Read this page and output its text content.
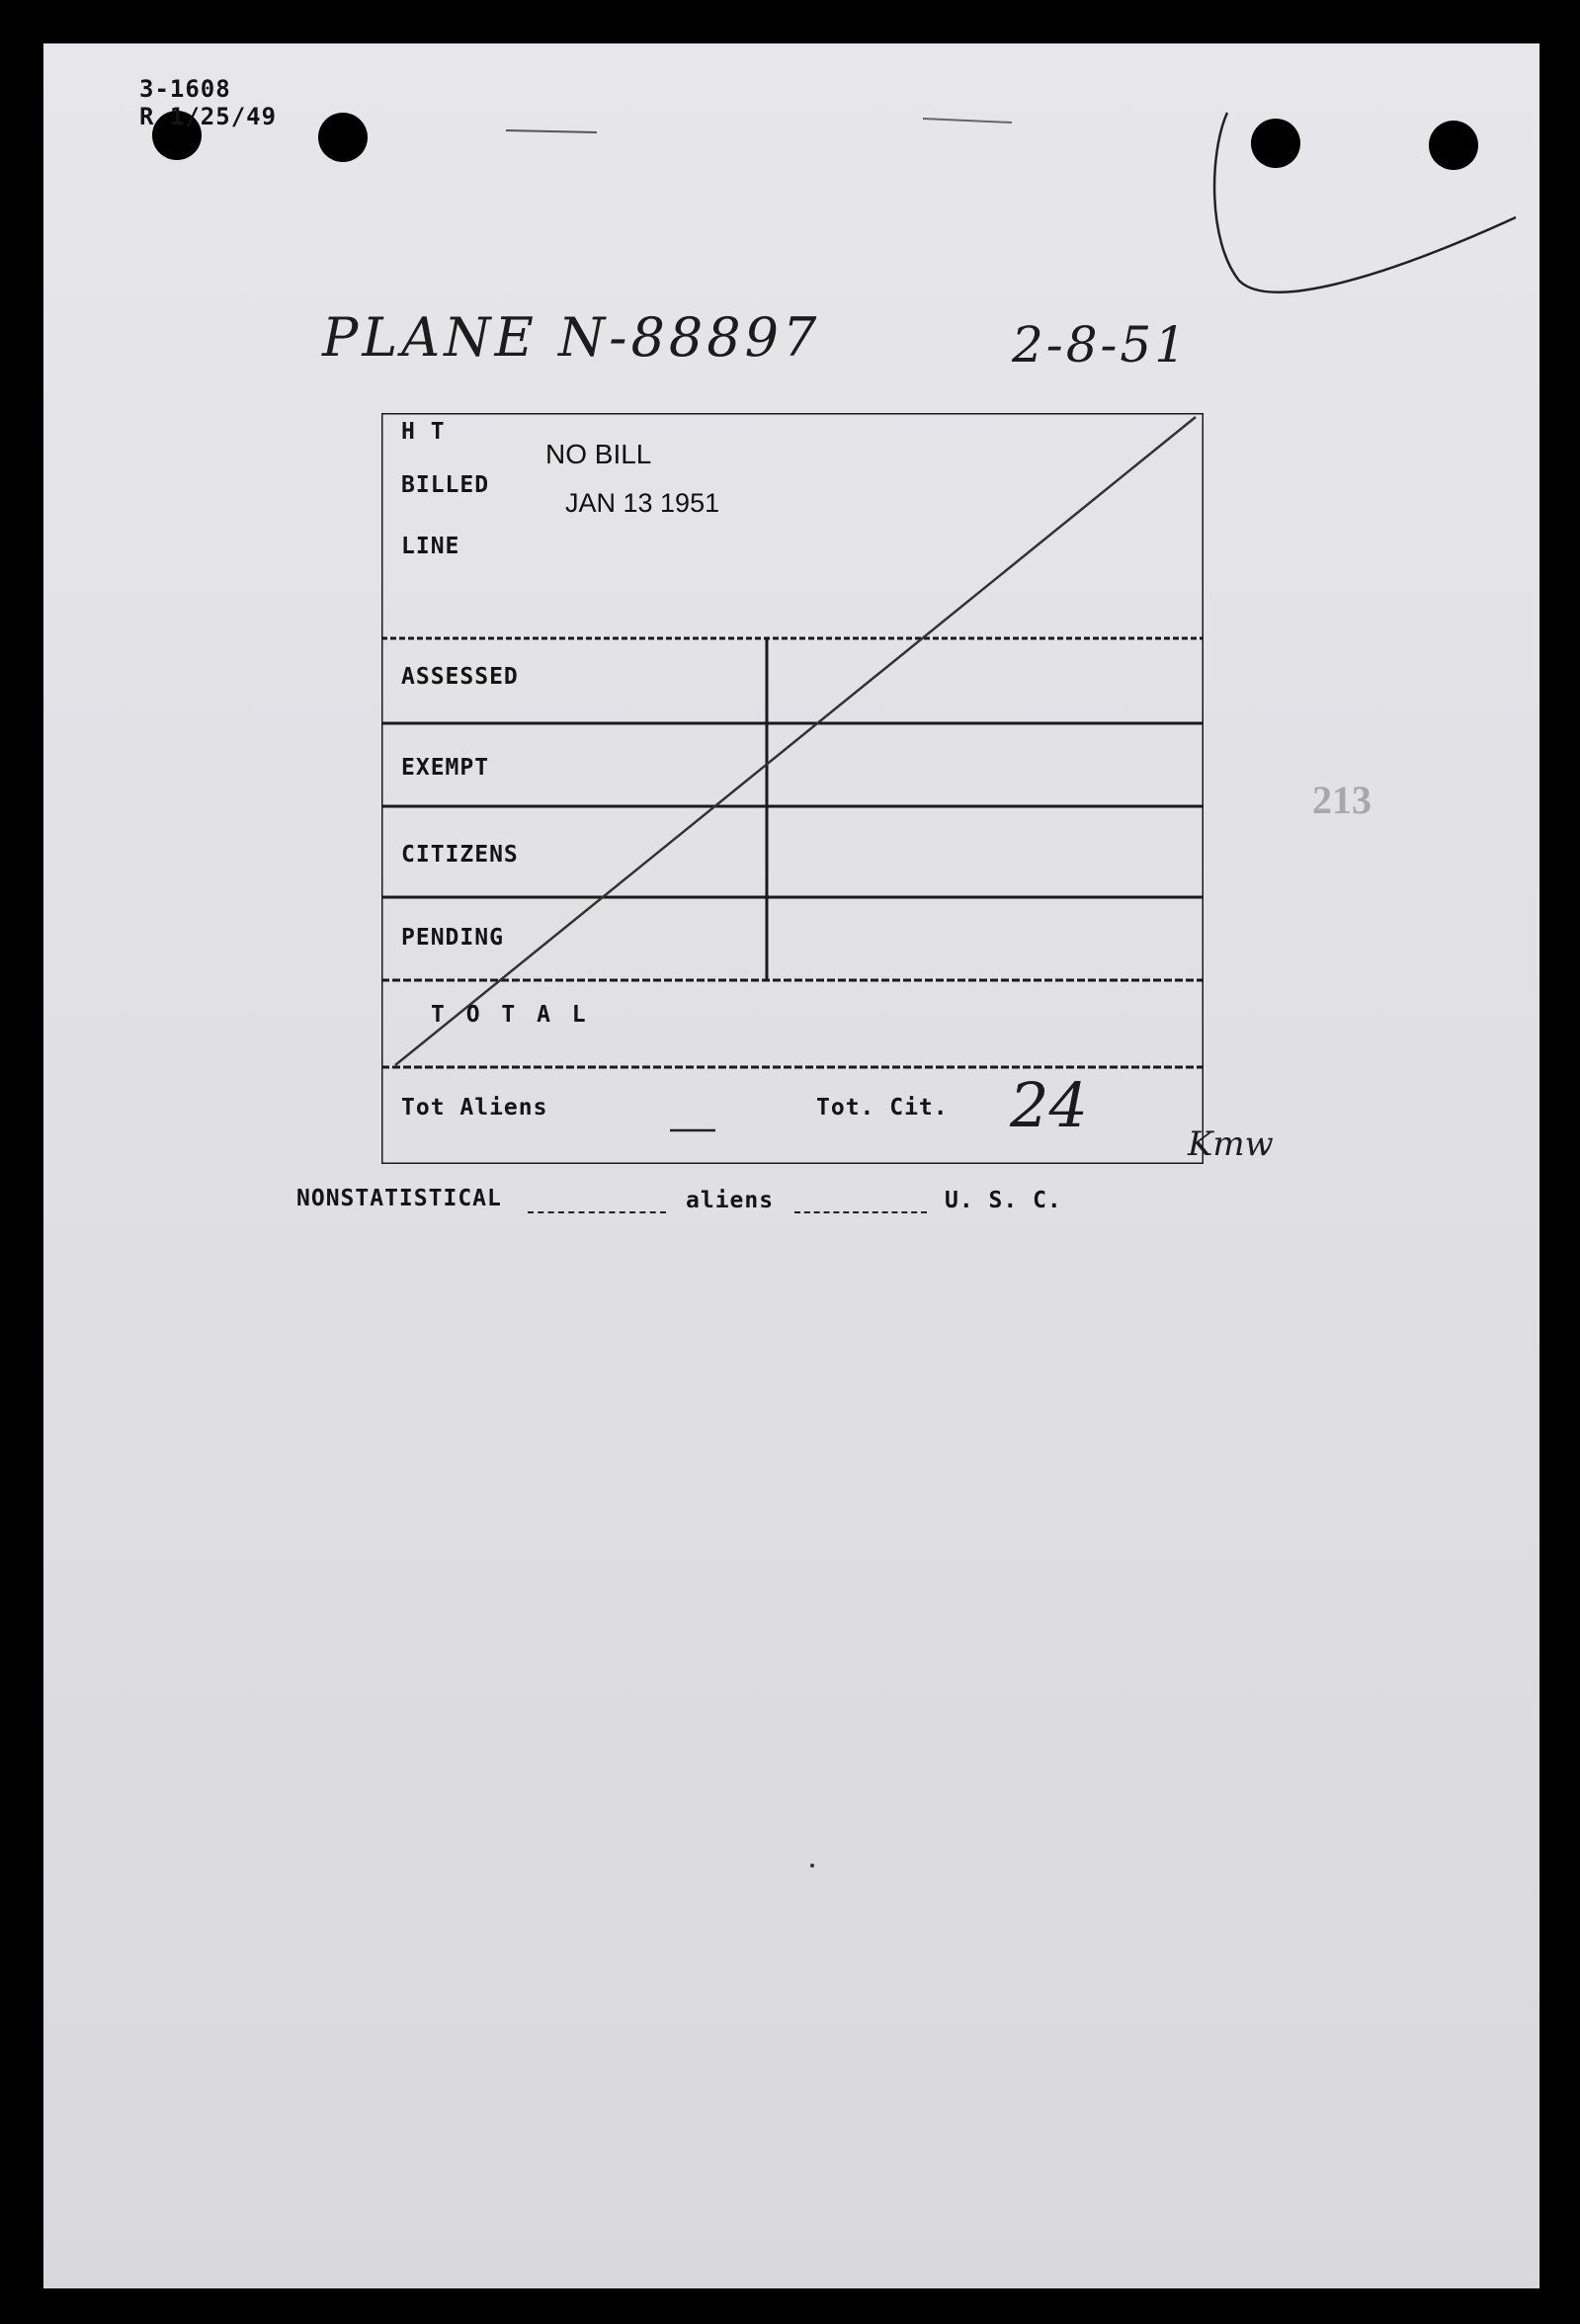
3-1608
R 1/25/49
PLANE N-88897	2-8-51
213
H T
BILLED
LINE
NO BILL
JAN 13 1951
ASSESSED
EXEMPT
CITIZENS
PENDING
T O T A L
Tot Aliens	Tot. Cit. 24
Kmw
NONSTATISTICAL	aliens	U. S. C.
